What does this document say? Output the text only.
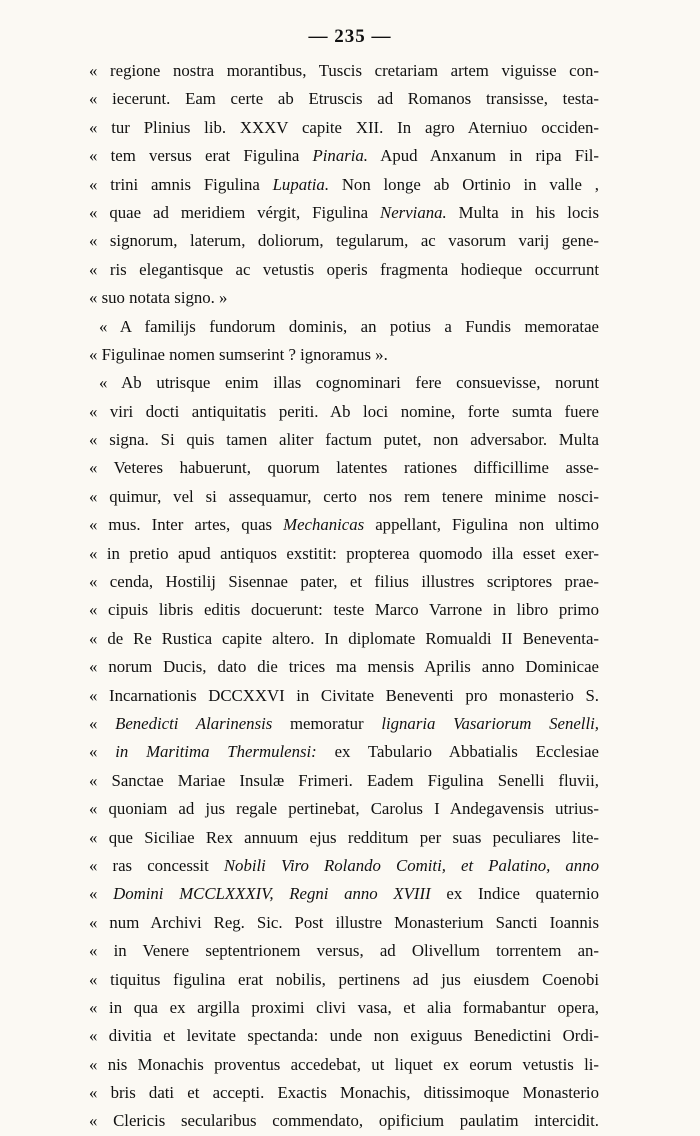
— 235 —
« regione nostra morantibus, Tuscis cretariam artem viguisse con-
« iecerunt. Eam certe ab Etruscis ad Romanos transisse, testa-
« tur Plinius lib. XXXV capite XII. In agro Aterniuo occiden-
« tem versus erat Figulina Pinaria. Apud Anxanum in ripa Fil-
« trini amnis Figulina Lupatia. Non longe ab Ortinio in valle ,
« quae ad meridiem vérgit, Figulina Nerviana. Multa in his locis
« signorum, laterum, doliorum, tegularum, ac vasorum varij gene-
« ris elegantisque ac vetustis operis fragmenta hodieque occurrunt
« suo notata signo. »
« A familijs fundorum dominis, an potius a Fundis memoratae
« Figulinae nomen sumserint ? ignoramus ».
« Ab utrisque enim illas cognominari fere consuevisse, norunt
« viri docti antiquitatis periti. Ab loci nomine, forte sumta fuere
« signa. Si quis tamen aliter factum putet, non adversabor. Multa
« Veteres habuerunt, quorum latentes rationes difficillime asse-
« quimur, vel si assequamur, certo nos rem tenere minime nosci-
« mus. Inter artes, quas Mechanicas appellant, Figulina non ultimo
« in pretio apud antiquos exstitit: propterea quomodo illa esset exer-
« cenda, Hostilij Sisennae pater, et filius illustres scriptores prae-
« cipuis libris editis docuerunt: teste Marco Varrone in libro primo
« de Re Rustica capite altero. In diplomate Romualdi II Beneventa-
« norum Ducis, dato die trices ma mensis Aprilis anno Dominicae
« Incarnationis DCCXXVI in Civitate Beneventi pro monasterio S.
« Benedicti Alarinensis memoratur lignaria Vasariorum Senelli,
« in Maritima Thermulensi: ex Tabulario Abbatialis Ecclesiae
« Sanctae Mariae Insulæ Frimeri. Eadem Figulina Senelli fluvii,
« quoniam ad jus regale pertinebat, Carolus I Andegavensis utrius-
« que Siciliae Rex annuum ejus redditum per suas peculiares lite-
« ras concessit Nobili Viro Rolando Comiti, et Palatino, anno
« Domini MCCLXXXIV, Regni anno XVIII ex Indice quaternio
« num Archivi Reg. Sic. Post illustre Monasterium Sancti Ioannis
« in Venere septentrionem versus, ad Olivellum torrentem an-
« tiquitus figulina erat nobilis, pertinens ad jus eiusdem Coenobi
« in qua ex argilla proximi clivi vasa, et alia formabantur opera,
« divitia et levitate spectanda: unde non exiguus Benedictini Ordi-
« nis Monachis proventus accedebat, ut liquet ex eorum vetustis li-
« bris dati et accepti. Exactis Monachis, ditissimoque Monasterio
« Clericis secularibus commendato, opificium paulatim intercidit.
